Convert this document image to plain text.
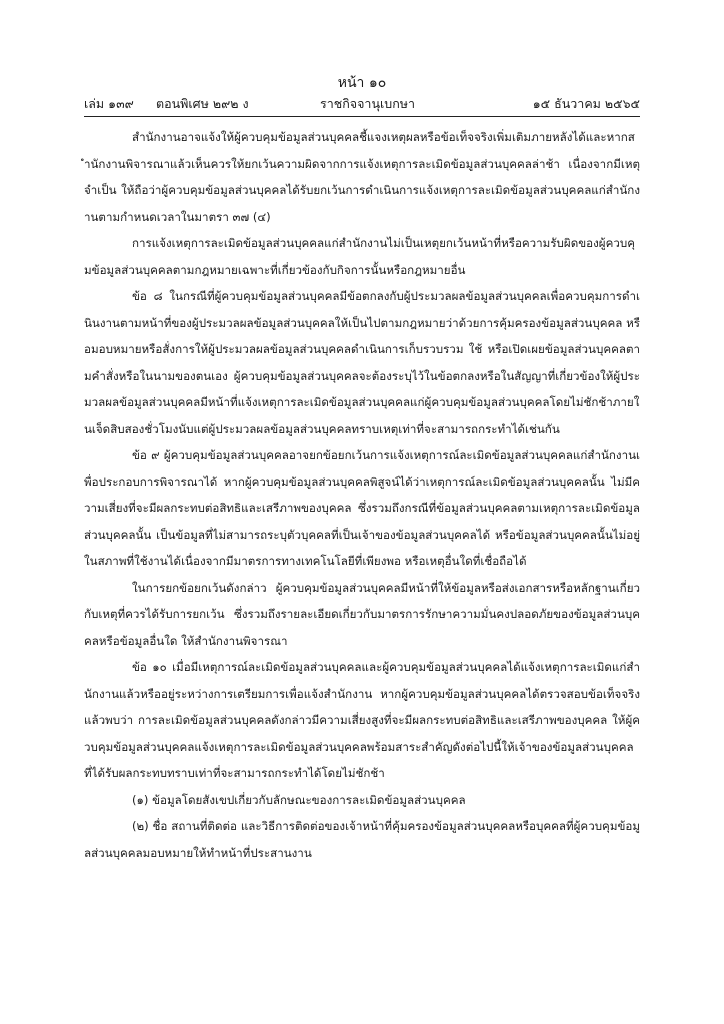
หน้า ๑๐
เล่ม ๑๓๙ ตอนพิเศษ ๒๙๒ ง	ราชกิจจานุเบกษา	๑๕ ธันวาคม ๒๕๖๕

สำนักงานอาจแจ้งให้ผู้ควบคุมข้อมูลส่วนบุคคลชี้แจงเหตุผลหรือข้อเท็จจริงเพิ่มเติมภายหลังได้และหากสำนักงานพิจารณาแล้วเห็นควรให้ยกเว้นความผิดจากการแจ้งเหตุการละเมิดข้อมูลส่วนบุคคลล่าช้า เนื่องจากมีเหตุจำเป็น ให้ถือว่าผู้ควบคุมข้อมูลส่วนบุคคลได้รับยกเว้นการดำเนินการแจ้งเหตุการละเมิดข้อมูลส่วนบุคคลแก่สำนักงานตามกำหนดเวลาในมาตรา ๓๗ (๔)

การแจ้งเหตุการละเมิดข้อมูลส่วนบุคคลแก่สำนักงานไม่เป็นเหตุยกเว้นหน้าที่หรือความรับผิดของผู้ควบคุมข้อมูลส่วนบุคคลตามกฎหมายเฉพาะที่เกี่ยวข้องกับกิจการนั้นหรือกฎหมายอื่น

ข้อ ๘ ในกรณีที่ผู้ควบคุมข้อมูลส่วนบุคคลมีข้อตกลงกับผู้ประมวลผลข้อมูลส่วนบุคคลเพื่อควบคุมการดำเนินงานตามหน้าที่ของผู้ประมวลผลข้อมูลส่วนบุคคลให้เป็นไปตามกฎหมายว่าด้วยการคุ้มครองข้อมูลส่วนบุคคล หรือมอบหมายหรือสั่งการให้ผู้ประมวลผลข้อมูลส่วนบุคคลดำเนินการเก็บรวบรวม ใช้ หรือเปิดเผยข้อมูลส่วนบุคคลตามคำสั่งหรือในนามของตนเอง ผู้ควบคุมข้อมูลส่วนบุคคลจะต้องระบุไว้ในข้อตกลงหรือในสัญญาที่เกี่ยวข้องให้ผู้ประมวลผลข้อมูลส่วนบุคคลมีหน้าที่แจ้งเหตุการละเมิดข้อมูลส่วนบุคคลแก่ผู้ควบคุมข้อมูลส่วนบุคคลโดยไม่ชักช้าภายในเจ็ดสิบสองชั่วโมงนับแต่ผู้ประมวลผลข้อมูลส่วนบุคคลทราบเหตุเท่าที่จะสามารถกระทำได้เช่นกัน

ข้อ ๙ ผู้ควบคุมข้อมูลส่วนบุคคลอาจยกข้อยกเว้นการแจ้งเหตุการณ์ละเมิดข้อมูลส่วนบุคคลแก่สำนักงานเพื่อประกอบการพิจารณาได้ หากผู้ควบคุมข้อมูลส่วนบุคคลพิสูจน์ได้ว่าเหตุการณ์ละเมิดข้อมูลส่วนบุคคลนั้น ไม่มีความเสี่ยงที่จะมีผลกระทบต่อสิทธิและเสรีภาพของบุคคล ซึ่งรวมถึงกรณีที่ข้อมูลส่วนบุคคลตามเหตุการละเมิดข้อมูลส่วนบุคคลนั้น เป็นข้อมูลที่ไม่สามารถระบุตัวบุคคลที่เป็นเจ้าของข้อมูลส่วนบุคคลได้ หรือข้อมูลส่วนบุคคลนั้นไม่อยู่ในสภาพที่ใช้งานได้เนื่องจากมีมาตรการทางเทคโนโลยีที่เพียงพอ หรือเหตุอื่นใดที่เชื่อถือได้

ในการยกข้อยกเว้นดังกล่าว ผู้ควบคุมข้อมูลส่วนบุคคลมีหน้าที่ให้ข้อมูลหรือส่งเอกสารหรือหลักฐานเกี่ยวกับเหตุที่ควรได้รับการยกเว้น ซึ่งรวมถึงรายละเอียดเกี่ยวกับมาตรการรักษาความมั่นคงปลอดภัยของข้อมูลส่วนบุคคลหรือข้อมูลอื่นใด ให้สำนักงานพิจารณา

ข้อ ๑๐ เมื่อมีเหตุการณ์ละเมิดข้อมูลส่วนบุคคลและผู้ควบคุมข้อมูลส่วนบุคคลได้แจ้งเหตุการละเมิดแก่สำนักงานแล้วหรืออยู่ระหว่างการเตรียมการเพื่อแจ้งสำนักงาน หากผู้ควบคุมข้อมูลส่วนบุคคลได้ตรวจสอบข้อเท็จจริงแล้วพบว่า การละเมิดข้อมูลส่วนบุคคลดังกล่าวมีความเสี่ยงสูงที่จะมีผลกระทบต่อสิทธิและเสรีภาพของบุคคล ให้ผู้ควบคุมข้อมูลส่วนบุคคลแจ้งเหตุการละเมิดข้อมูลส่วนบุคคลพร้อมสาระสำคัญดังต่อไปนี้ให้เจ้าของข้อมูลส่วนบุคคลที่ได้รับผลกระทบทราบเท่าที่จะสามารถกระทำได้โดยไม่ชักช้า

(๑) ข้อมูลโดยสังเขปเกี่ยวกับลักษณะของการละเมิดข้อมูลส่วนบุคคล

(๒) ชื่อ สถานที่ติดต่อ และวิธีการติดต่อของเจ้าหน้าที่คุ้มครองข้อมูลส่วนบุคคลหรือบุคคลที่ผู้ควบคุมข้อมูลส่วนบุคคลมอบหมายให้ทำหน้าที่ประสานงาน
